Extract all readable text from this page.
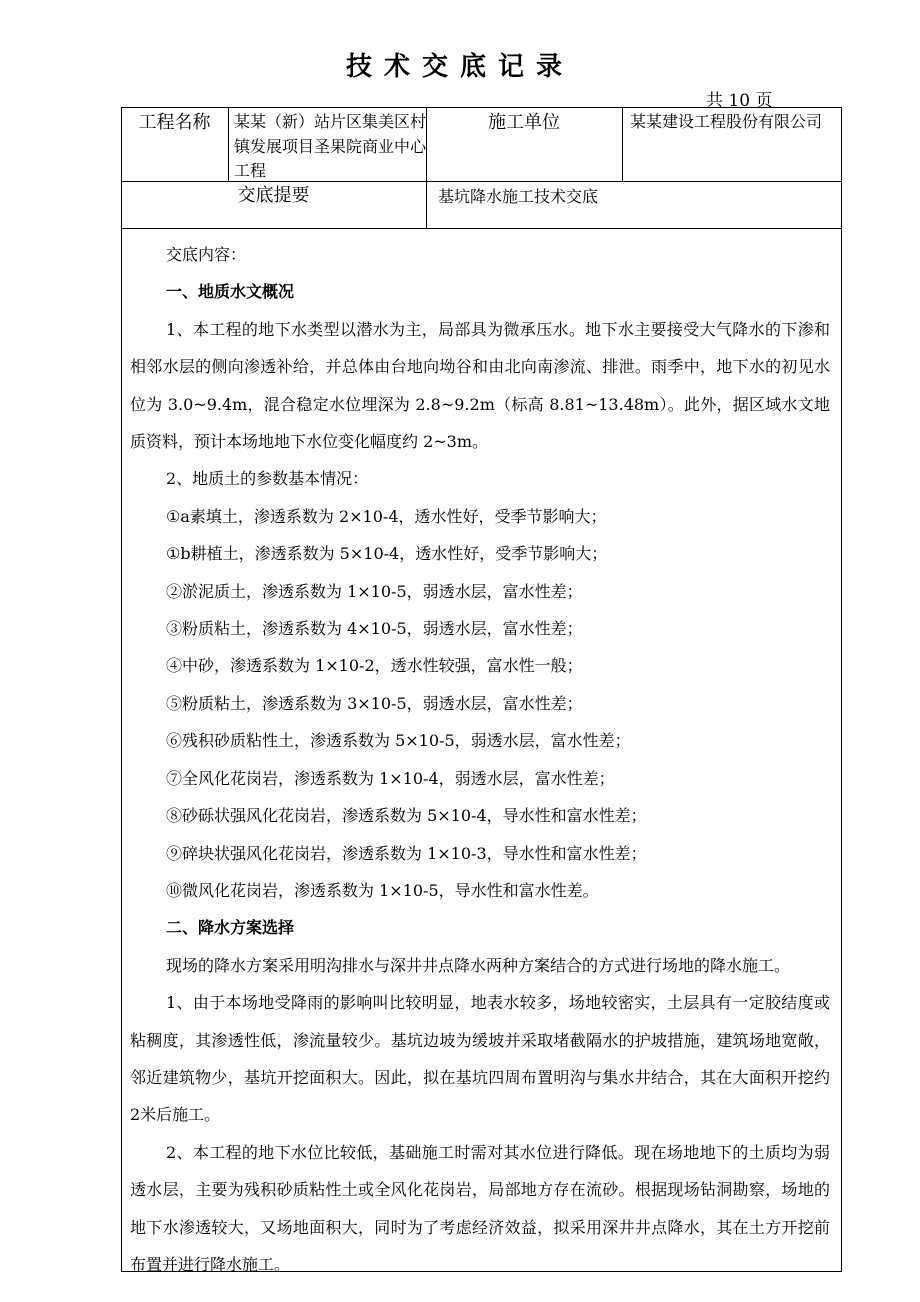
技术交底记录
共 10 页
工程名称	某某（新）站片区集美区村镇发展项目圣果院商业中心工程
施工单位	某某建设工程股份有限公司
交底提要	基坑降水施工技术交底

交底内容：

一、地质水文概况

1、本工程的地下水类型以潜水为主，局部具为微承压水。地下水主要接受大气降水的下渗和相邻水层的侧向渗透补给，并总体由台地向坳谷和由北向南渗流、排泄。雨季中，地下水的初见水位为 3.0~9.4m，混合稳定水位埋深为 2.8~9.2m（标高 8.81~13.48m）。此外，据区域水文地质资料，预计本场地地下水位变化幅度约 2~3m。

2、地质土的参数基本情况：

①a素填土，渗透系数为 2×10-4，透水性好，受季节影响大；

①b耕植土，渗透系数为 5×10-4，透水性好，受季节影响大；

②淤泥质土，渗透系数为 1×10-5，弱透水层，富水性差；

③粉质粘土，渗透系数为 4×10-5，弱透水层，富水性差；

④中砂，渗透系数为 1×10-2，透水性较强，富水性一般；

⑤粉质粘土，渗透系数为 3×10-5，弱透水层，富水性差；

⑥残积砂质粘性土，渗透系数为 5×10-5，弱透水层，富水性差；

⑦全风化花岗岩，渗透系数为 1×10-4，弱透水层，富水性差；

⑧砂砾状强风化花岗岩，渗透系数为 5×10-4，导水性和富水性差；

⑨碎块状强风化花岗岩，渗透系数为 1×10-3，导水性和富水性差；

⑩微风化花岗岩，渗透系数为 1×10-5，导水性和富水性差。

二、降水方案选择

现场的降水方案采用明沟排水与深井井点降水两种方案结合的方式进行场地的降水施工。

1、由于本场地受降雨的影响叫比较明显，地表水较多，场地较密实，土层具有一定胶结度或粘稠度，其渗透性低，渗流量较少。基坑边坡为缓坡并采取堵截隔水的护坡措施，建筑场地宽敞，邻近建筑物少，基坑开挖面积大。因此，拟在基坑四周布置明沟与集水井结合，其在大面积开挖约 2米后施工。

2、本工程的地下水位比较低，基础施工时需对其水位进行降低。现在场地地下的土质均为弱透水层，主要为残积砂质粘性土或全风化花岗岩，局部地方存在流砂。根据现场钻洞勘察，场地的地下水渗透较大，又场地面积大，同时为了考虑经济效益，拟采用深井井点降水，其在土方开挖前布置并进行降水施工。
